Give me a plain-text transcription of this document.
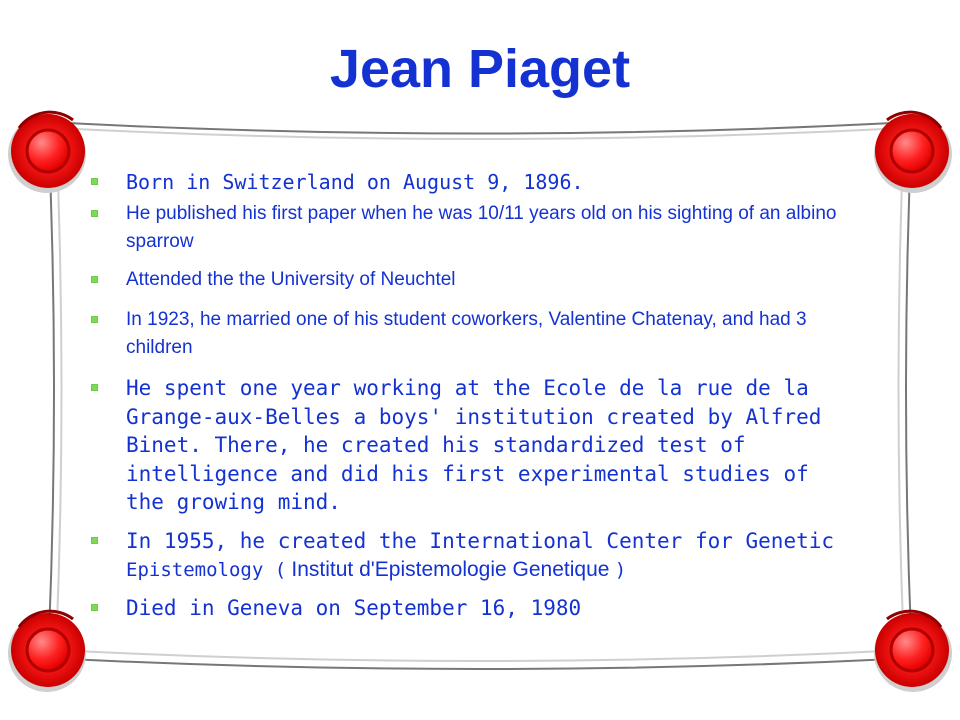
Jean Piaget
Born in Switzerland on August 9, 1896.
He published his first paper when he was 10/11 years old on his sighting of an albino sparrow
Attended the the University of Neuchtel
In 1923, he married one of his student coworkers, Valentine Chatenay, and had 3 children
He spent one year working at the Ecole de la rue de la Grange-aux-Belles a boys' institution created by Alfred Binet. There, he created his standardized test of intelligence and did his first experimental studies of the growing mind.
In 1955, he created the International Center for Genetic Epistemology ( Institut d'Epistemologie Genetique )
Died in Geneva on September 16, 1980
